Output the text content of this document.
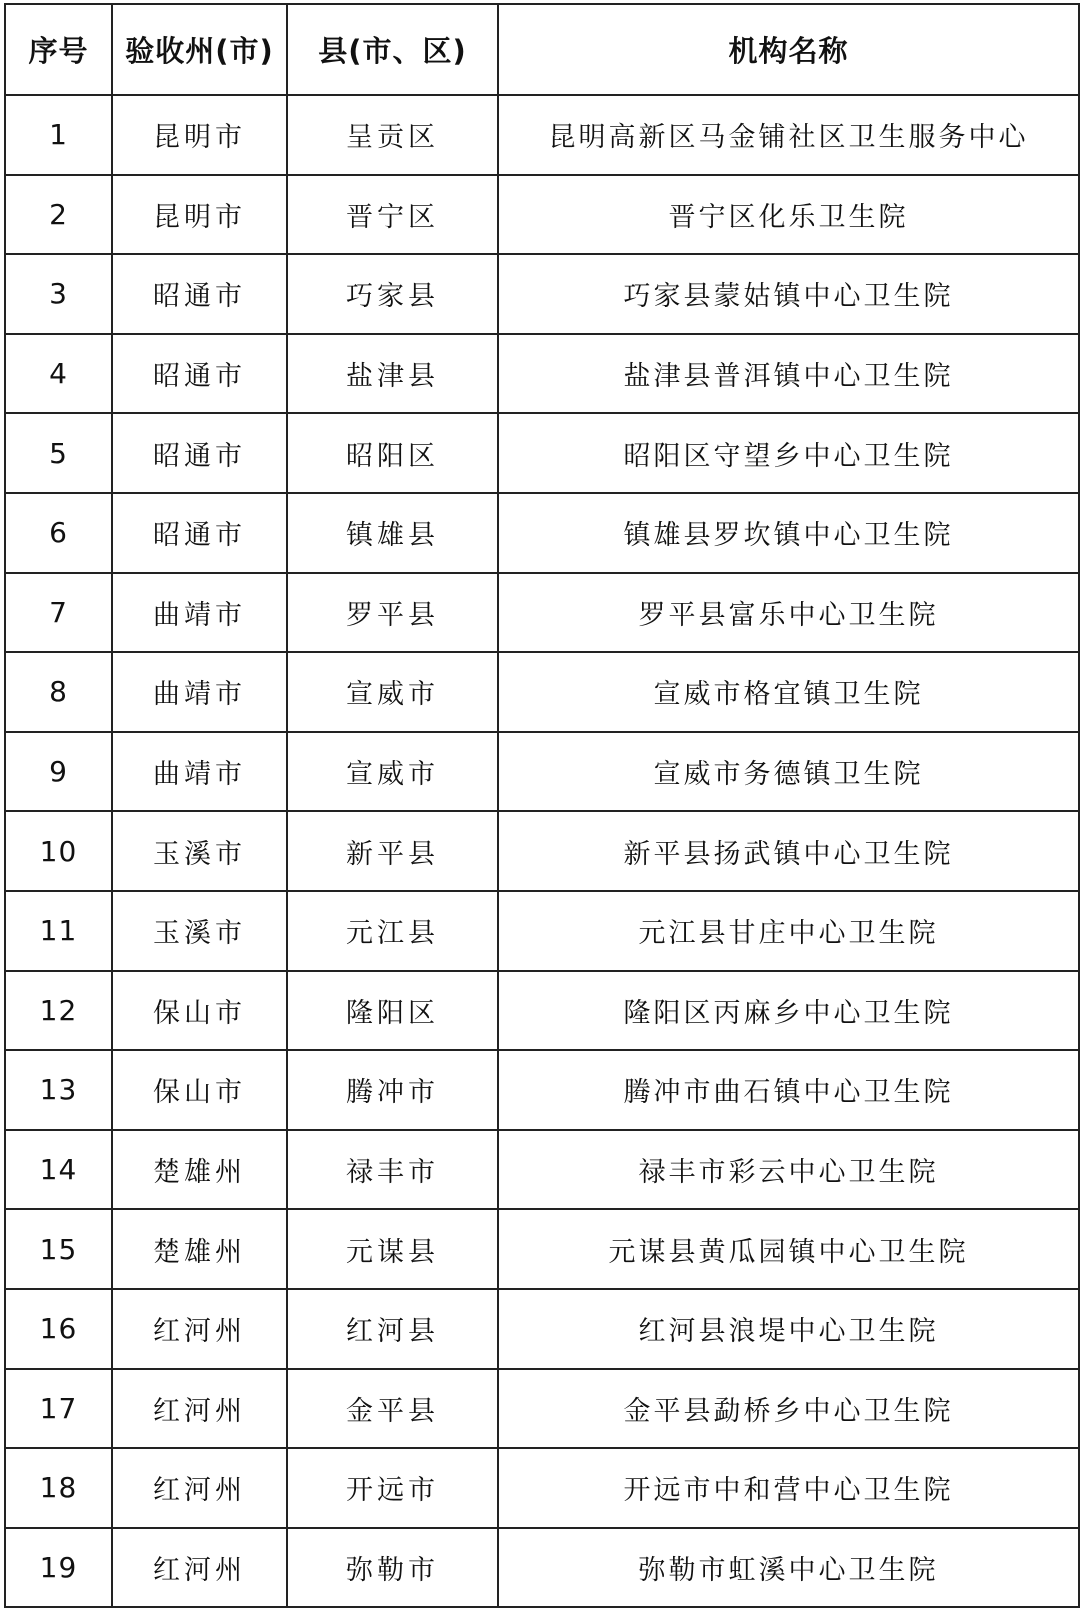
序号	验收州(市)	县(市、区)	机构名称
1	昆明市	呈贡区	昆明高新区马金铺社区卫生服务中心
2	昆明市	晋宁区	晋宁区化乐卫生院
3	昭通市	巧家县	巧家县蒙姑镇中心卫生院
4	昭通市	盐津县	盐津县普洱镇中心卫生院
5	昭通市	昭阳区	昭阳区守望乡中心卫生院
6	昭通市	镇雄县	镇雄县罗坎镇中心卫生院
7	曲靖市	罗平县	罗平县富乐中心卫生院
8	曲靖市	宣威市	宣威市格宜镇卫生院
9	曲靖市	宣威市	宣威市务德镇卫生院
10	玉溪市	新平县	新平县扬武镇中心卫生院
11	玉溪市	元江县	元江县甘庄中心卫生院
12	保山市	隆阳区	隆阳区丙麻乡中心卫生院
13	保山市	腾冲市	腾冲市曲石镇中心卫生院
14	楚雄州	禄丰市	禄丰市彩云中心卫生院
15	楚雄州	元谋县	元谋县黄瓜园镇中心卫生院
16	红河州	红河县	红河县浪堤中心卫生院
17	红河州	金平县	金平县勐桥乡中心卫生院
18	红河州	开远市	开远市中和营中心卫生院
19	红河州	弥勒市	弥勒市虹溪中心卫生院
